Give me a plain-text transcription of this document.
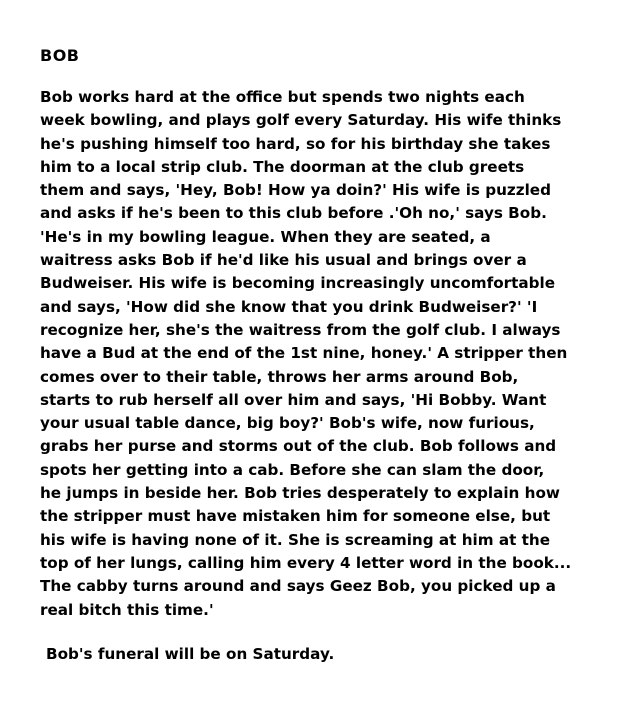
BOB
Bob works hard at the office but spends two nights each
week bowling, and plays golf every Saturday. His wife thinks
he's pushing himself too hard, so for his birthday she takes
him to a local strip club. The doorman at the club greets
them and says, 'Hey, Bob! How ya doin?' His wife is puzzled
and asks if he's been to this club before .'Oh no,' says Bob.
'He's in my bowling league. When they are seated, a
waitress asks Bob if he'd like his usual and brings over a
Budweiser. His wife is becoming increasingly uncomfortable
and says, 'How did she know that you drink Budweiser?' 'I
recognize her, she's the waitress from the golf club. I always
have a Bud at the end of the 1st nine, honey.' A stripper then
comes over to their table, throws her arms around Bob,
starts to rub herself all over him and says, 'Hi Bobby. Want
your usual table dance, big boy?' Bob's wife, now furious,
grabs her purse and storms out of the club. Bob follows and
spots her getting into a cab. Before she can slam the door,
he jumps in beside her. Bob tries desperately to explain how
the stripper must have mistaken him for someone else, but
his wife is having none of it. She is screaming at him at the
top of her lungs, calling him every 4 letter word in the book...
The cabby turns around and says Geez Bob, you picked up a
real bitch this time.'
Bob's funeral will be on Saturday.
